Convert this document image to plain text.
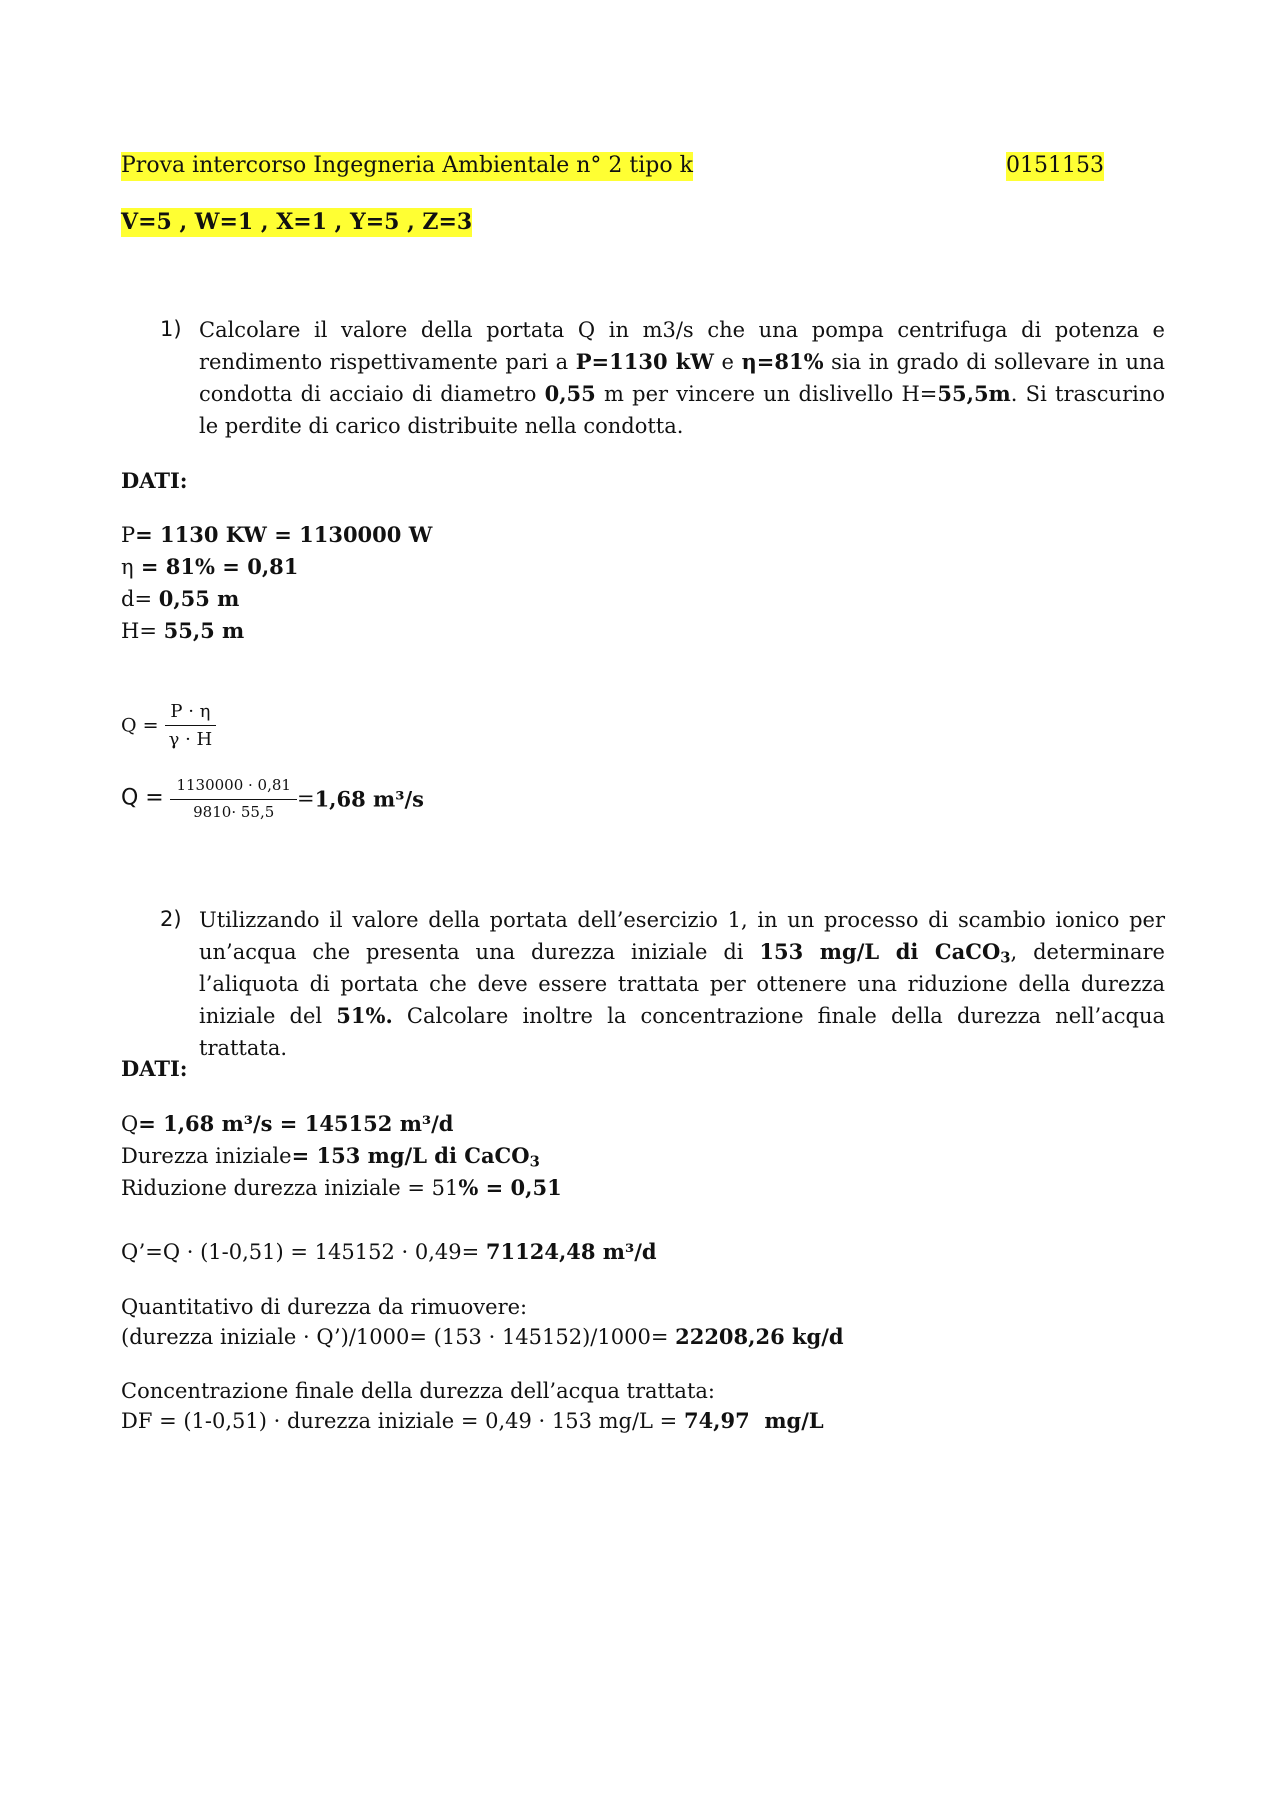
Prova intercorso Ingegneria Ambientale n° 2 tipo k	0151153
V=5 , W=1 , X=1 , Y=5 , Z=3
1) Calcolare il valore della portata Q in m3/s che una pompa centrifuga di potenza e rendimento rispettivamente pari a P=1130 kW e η=81% sia in grado di sollevare in una condotta di acciaio di diametro 0,55 m per vincere un dislivello H=55,5m. Si trascurino le perdite di carico distribuite nella condotta.
DATI:
P= 1130 KW = 1130000 W
η = 81% = 0,81
d= 0,55 m
H= 55,5 m
$Q = \frac{P \cdot \eta}{\gamma \cdot H}$
$Q = \frac{1130000 \cdot 0,81}{9810\cdot 55,5} =1,68$ m³/s
2) Utilizzando il valore della portata dell’esercizio 1, in un processo di scambio ionico per un’acqua che presenta una durezza iniziale di 153 mg/L di CaCO$_3$, determinare l’aliquota di portata che deve essere trattata per ottenere una riduzione della durezza iniziale del 51%. Calcolare inoltre la concentrazione finale della durezza nell’acqua trattata.
DATI:
Q= 1,68 m³/s = 145152 m³/d
Durezza iniziale= 153 mg/L di CaCO$_3$
Riduzione durezza iniziale = 51% = 0,51
Q’=Q · (1-0,51) = 145152 · 0,49= 71124,48 m³/d
Quantitativo di durezza da rimuovere:
(durezza iniziale · Q’)/1000= (153 · 145152)/1000= 22208,26 kg/d
Concentrazione finale della durezza dell’acqua trattata:
DF = (1-0,51) · durezza iniziale = 0,49 · 153 mg/L = 74,97  mg/L
